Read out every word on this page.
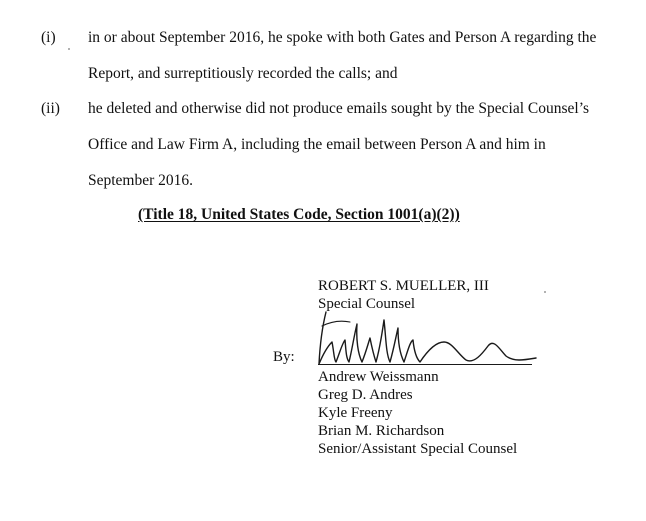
(i) in or about September 2016, he spoke with both Gates and Person A regarding the
Report, and surreptitiously recorded the calls; and
(ii) he deleted and otherwise did not produce emails sought by the Special Counsel’s
Office and Law Firm A, including the email between Person A and him in
September 2016.
(Title 18, United States Code, Section 1001(a)(2))
ROBERT S. MUELLER, III
Special Counsel
By:
Andrew Weissmann
Greg D. Andres
Kyle Freeny
Brian M. Richardson
Senior/Assistant Special Counsel
